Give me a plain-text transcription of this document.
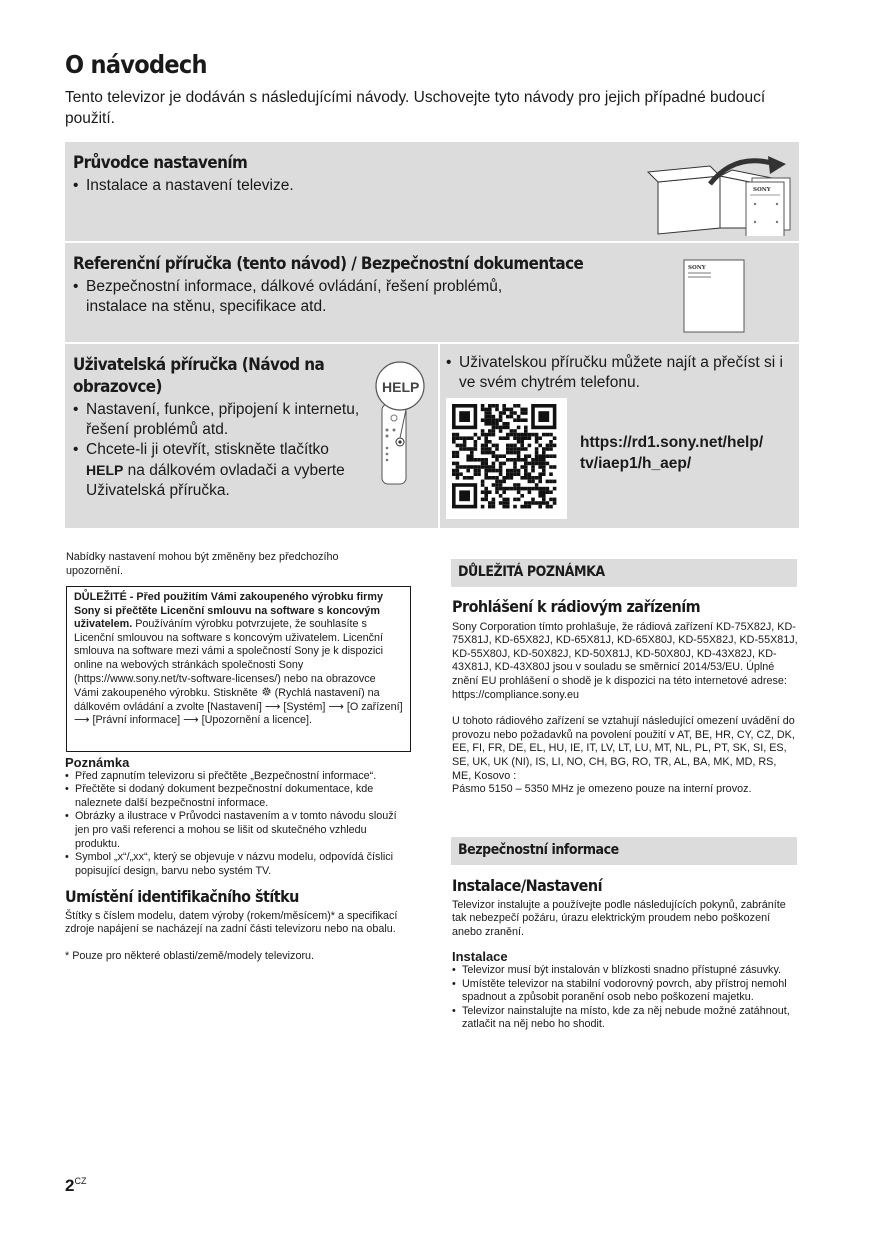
O návodech

Tento televizor je dodáván s následujícími návody. Uschovejte tyto návody pro jejich případné budoucí použití.

Průvodce nastavením
• Instalace a nastavení televize.	SONY
Referenční příručka (tento návod) / Bezpečnostní dokumentace
• Bezpečnostní informace, dálkové ovládání, řešení problémů, instalace na stěnu, specifikace atd.
SONY
Uživatelská příručka (Návod na
obrazovce)
• Nastavení, funkce, připojení k internetu, řešení problémů atd.
• Chcete-li ji otevřít, stiskněte tlačítko HELP na dálkovém ovladači a vyberte Uživatelská příručka.
HELP
• Uživatelskou příručku můžete najít a přečíst si i ve svém chytrém telefonu.
https://rd1.sony.net/help/
tv/iaep1/h_aep/

Nabídky nastavení mohou být změněny bez předchozího upozornění.

DŮLEŽITÉ - Před použitím Vámi zakoupeného výrobku firmy Sony si přečtěte Licenční smlouvu na software s koncovým uživatelem. Používáním výrobku potvrzujete, že souhlasíte s Licenční smlouvou na software s koncovým uživatelem. Licenční smlouva na software mezi vámi a společností Sony je k dispozici online na webových stránkách společnosti Sony (https://www.sony.net/tv-software-licenses/) nebo na obrazovce Vámi zakoupeného výrobku. Stiskněte (Rychlá nastavení) na dálkovém ovládání a zvolte [Nastavení] ⟶ [Systém] ⟶ [O zařízení] ⟶ [Právní informace] ⟶ [Upozornění a licence].

Poznámka

• Před zapnutím televizoru si přečtěte „Bezpečnostní informace“.
• Přečtěte si dodaný dokument bezpečnostní dokumentace, kde naleznete další bezpečnostní informace.
• Obrázky a ilustrace v Průvodci nastavením a v tomto návodu slouží jen pro vaši referenci a mohou se lišit od skutečného vzhledu produktu.
• Symbol „x“/„xx“, který se objevuje v názvu modelu, odpovídá číslici popisující design, barvu nebo systém TV.

Umístění identifikačního štítku

Štítky s číslem modelu, datem výroby (rokem/měsícem)* a specifikací zdroje napájení se nacházejí na zadní části televizoru nebo na obalu.

* Pouze pro některé oblasti/země/modely televizoru.

DŮLEŽITÁ POZNÁMKA

Prohlášení k rádiovým zařízením

Sony Corporation tímto prohlašuje, že rádiová zařízení KD-75X82J, KD-75X81J, KD-65X82J, KD-65X81J, KD-65X80J, KD-55X82J, KD-55X81J, KD-55X80J, KD-50X82J, KD-50X81J, KD-50X80J, KD-43X82J, KD-43X81J, KD-43X80J jsou v souladu se směrnicí 2014/53/EU. Úplné znění EU prohlášení o shodě je k dispozici na této internetové adrese:

https://compliance.sony.eu

U tohoto rádiového zařízení se vztahují následující omezení uvádění do provozu nebo požadavků na povolení použití v AT, BE, HR, CY, CZ, DK, EE, FI, FR, DE, EL, HU, IE, IT, LV, LT, LU, MT, NL, PL, PT, SK, SI, ES, SE, UK, UK (NI), IS, LI, NO, CH, BG, RO, TR, AL, BA, MK, MD, RS, ME, Kosovo :

Pásmo 5150 – 5350 MHz je omezeno pouze na interní provoz.

Bezpečnostní informace

Instalace/Nastavení

Televizor instalujte a používejte podle následujících pokynů, zabráníte tak nebezpečí požáru, úrazu elektrickým proudem nebo poškození anebo zranění.

Instalace

• Televizor musí být instalován v blízkosti snadno přístupné zásuvky.
• Umístěte televizor na stabilní vodorovný povrch, aby přístroj nemohl spadnout a způsobit poranění osob nebo poškození majetku.
• Televizor nainstalujte na místo, kde za něj nebude možné zatáhnout, zatlačit na něj nebo ho shodit.
$2^{CZ}$
